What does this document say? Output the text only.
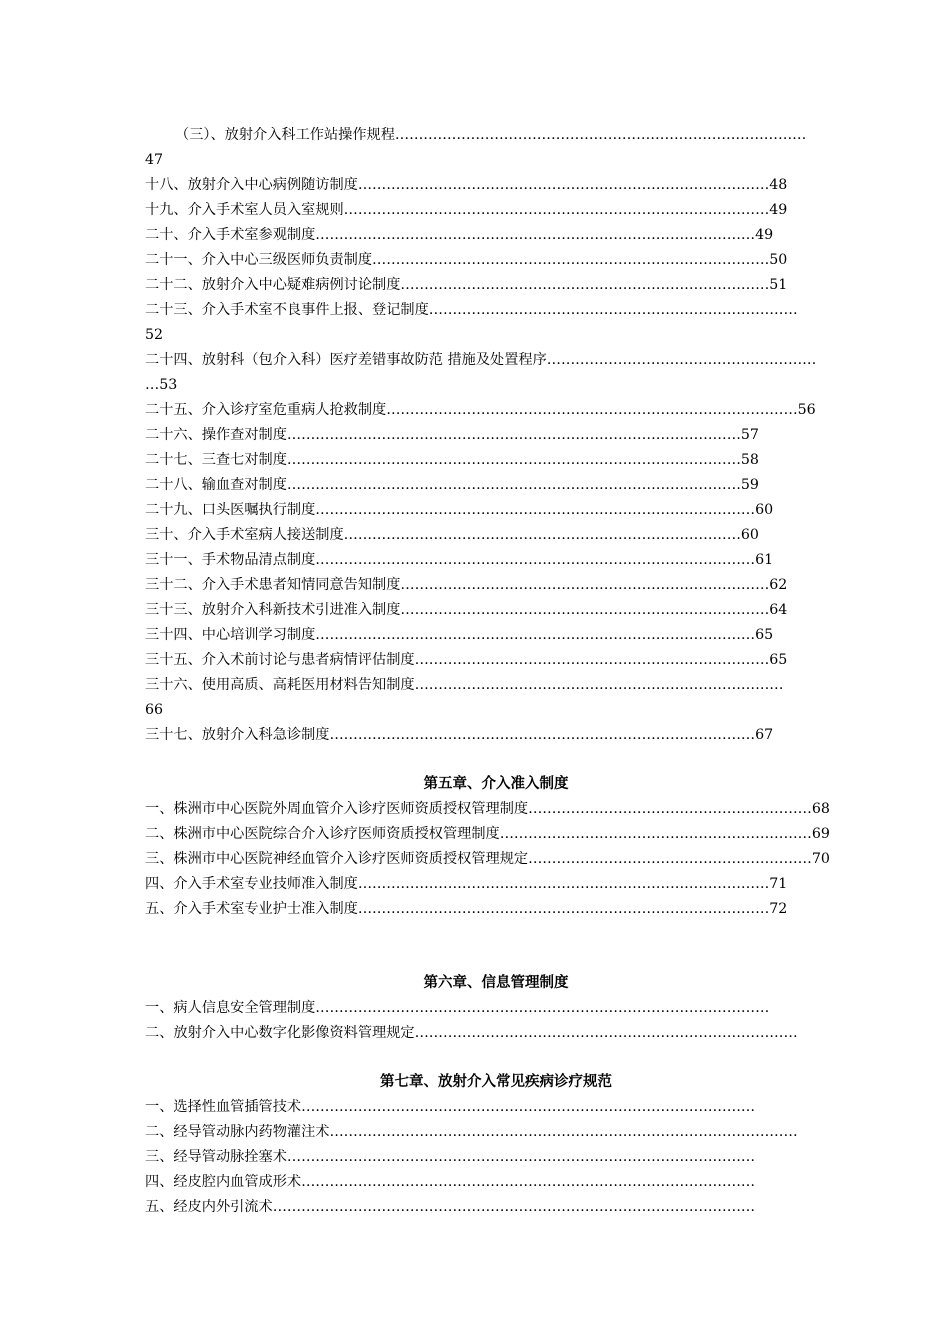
（三）、放射介入科工作站操作规程……………………………………………………………………………
47
十八、放射介入中心病例随访制度……………………………………………………………………………48
十九、介入手术室人员入室规则………………………………………………………………………………49
二十、介入手术室参观制度…………………………………………………………………………………49
二十一、介入中心三级医师负责制度…………………………………………………………………………50
二十二、放射介入中心疑难病例讨论制度……………………………………………………………………51
二十三、介入手术室不良事件上报、登记制度……………………………………………………………………
52
二十四、放射科（包介入科）医疗差错事故防范 措施及处置程序…………………………………………………
…53
二十五、介入诊疗室危重病人抢救制度……………………………………………………………………………56
二十六、操作查对制度……………………………………………………………………………………57
二十七、三查七对制度……………………………………………………………………………………58
二十八、输血查对制度……………………………………………………………………………………59
二十九、口头医嘱执行制度…………………………………………………………………………………60
三十、介入手术室病人接送制度…………………………………………………………………………60
三十一、手术物品清点制度…………………………………………………………………………………61
三十二、介入手术患者知情同意告知制度……………………………………………………………………62
三十三、放射介入科新技术引进准入制度……………………………………………………………………64
三十四、中心培训学习制度…………………………………………………………………………………65
三十五、介入术前讨论与患者病情评估制度…………………………………………………………………65
三十六、使用高质、高耗医用材料告知制度……………………………………………………………………
66
三十七、放射介入科急诊制度………………………………………………………………………………67
第五章、介入准入制度
一、株洲市中心医院外周血管介入诊疗医师资质授权管理制度……………………………………………………68
二、株洲市中心医院综合介入诊疗医师资质授权管理制度…………………………………………………………69
三、株洲市中心医院神经血管介入诊疗医师资质授权管理规定……………………………………………………70
四、介入手术室专业技师准入制度……………………………………………………………………………71
五、介入手术室专业护士准入制度……………………………………………………………………………72
第六章、信息管理制度
一、病人信息安全管理制度……………………………………………………………………………………
二、放射介入中心数字化影像资料管理规定………………………………………………………………………
第七章、放射介入常见疾病诊疗规范
一、选择性血管插管技术……………………………………………………………………………………
二、经导管动脉内药物灌注术………………………………………………………………………………………
三、经导管动脉拴塞术………………………………………………………………………………………
四、经皮腔内血管成形术……………………………………………………………………………………
五、经皮内外引流术…………………………………………………………………………………………
